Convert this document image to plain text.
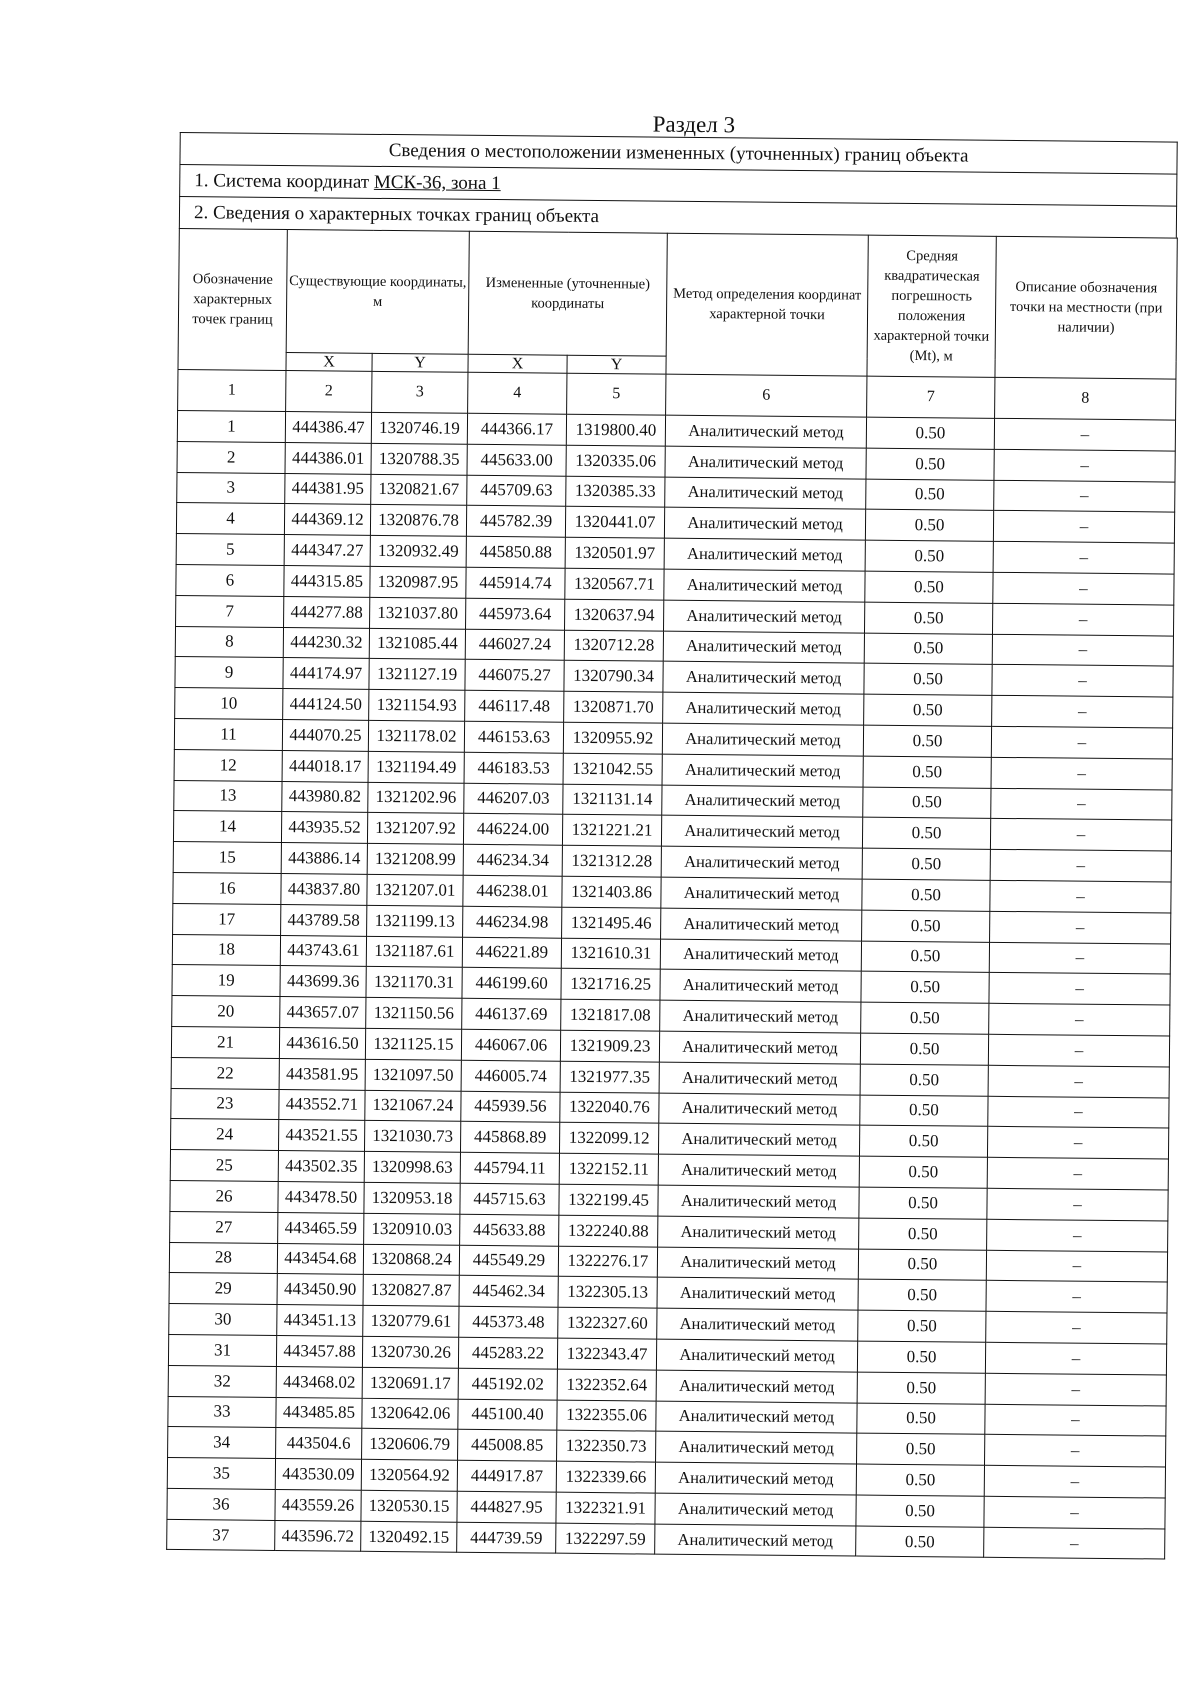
Раздел 3
Сведения о местоположении измененных (уточненных) границ объекта
1. Система координат МСК-36, зона 1
2. Сведения о характерных точках границ объекта
Обозначение характерных точек границ	Существующие координаты, м		Измененные (уточненные) координаты		Метод определения координат характерной точки	Средняя квадратическая погрешность положения характерной точки (Mt), м	Описание обозначения точки на местности (при наличии)
	X	Y	X	Y			
1	2	3	4	5	6	7	8
1	444386.47	1320746.19	444366.17	1319800.40	Аналитический метод	0.50	–
2	444386.01	1320788.35	445633.00	1320335.06	Аналитический метод	0.50	–
3	444381.95	1320821.67	445709.63	1320385.33	Аналитический метод	0.50	–
4	444369.12	1320876.78	445782.39	1320441.07	Аналитический метод	0.50	–
5	444347.27	1320932.49	445850.88	1320501.97	Аналитический метод	0.50	–
6	444315.85	1320987.95	445914.74	1320567.71	Аналитический метод	0.50	–
7	444277.88	1321037.80	445973.64	1320637.94	Аналитический метод	0.50	–
8	444230.32	1321085.44	446027.24	1320712.28	Аналитический метод	0.50	–
9	444174.97	1321127.19	446075.27	1320790.34	Аналитический метод	0.50	–
10	444124.50	1321154.93	446117.48	1320871.70	Аналитический метод	0.50	–
11	444070.25	1321178.02	446153.63	1320955.92	Аналитический метод	0.50	–
12	444018.17	1321194.49	446183.53	1321042.55	Аналитический метод	0.50	–
13	443980.82	1321202.96	446207.03	1321131.14	Аналитический метод	0.50	–
14	443935.52	1321207.92	446224.00	1321221.21	Аналитический метод	0.50	–
15	443886.14	1321208.99	446234.34	1321312.28	Аналитический метод	0.50	–
16	443837.80	1321207.01	446238.01	1321403.86	Аналитический метод	0.50	–
17	443789.58	1321199.13	446234.98	1321495.46	Аналитический метод	0.50	–
18	443743.61	1321187.61	446221.89	1321610.31	Аналитический метод	0.50	–
19	443699.36	1321170.31	446199.60	1321716.25	Аналитический метод	0.50	–
20	443657.07	1321150.56	446137.69	1321817.08	Аналитический метод	0.50	–
21	443616.50	1321125.15	446067.06	1321909.23	Аналитический метод	0.50	–
22	443581.95	1321097.50	446005.74	1321977.35	Аналитический метод	0.50	–
23	443552.71	1321067.24	445939.56	1322040.76	Аналитический метод	0.50	–
24	443521.55	1321030.73	445868.89	1322099.12	Аналитический метод	0.50	–
25	443502.35	1320998.63	445794.11	1322152.11	Аналитический метод	0.50	–
26	443478.50	1320953.18	445715.63	1322199.45	Аналитический метод	0.50	–
27	443465.59	1320910.03	445633.88	1322240.88	Аналитический метод	0.50	–
28	443454.68	1320868.24	445549.29	1322276.17	Аналитический метод	0.50	–
29	443450.90	1320827.87	445462.34	1322305.13	Аналитический метод	0.50	–
30	443451.13	1320779.61	445373.48	1322327.60	Аналитический метод	0.50	–
31	443457.88	1320730.26	445283.22	1322343.47	Аналитический метод	0.50	–
32	443468.02	1320691.17	445192.02	1322352.64	Аналитический метод	0.50	–
33	443485.85	1320642.06	445100.40	1322355.06	Аналитический метод	0.50	–
34	443504.6	1320606.79	445008.85	1322350.73	Аналитический метод	0.50	–
35	443530.09	1320564.92	444917.87	1322339.66	Аналитический метод	0.50	–
36	443559.26	1320530.15	444827.95	1322321.91	Аналитический метод	0.50	–
37	443596.72	1320492.15	444739.59	1322297.59	Аналитический метод	0.50	–
